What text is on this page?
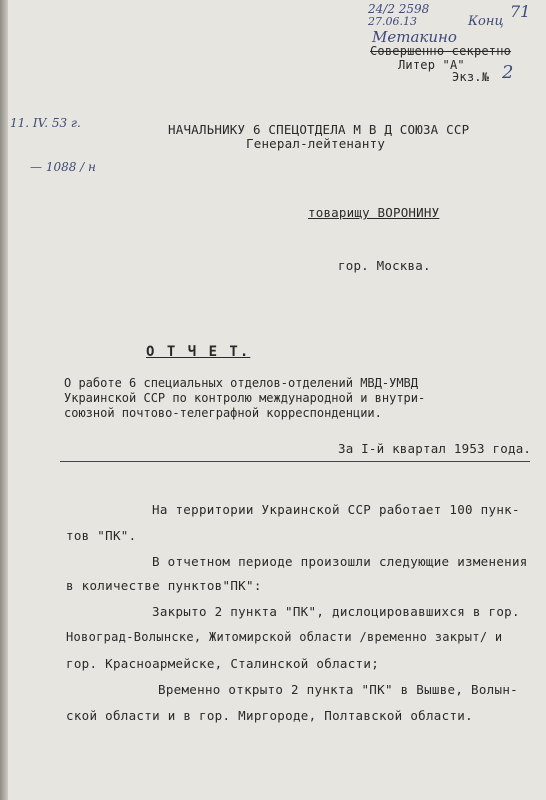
24/2 2598
27.06.13	Конц
71
Метакино
Совершенно секретно
Литер "А"
Экз.№ 2
11. IV. 53 г.
— 1088 / н
НАЧАЛЬНИКУ 6 СПЕЦОТДЕЛА М В Д СОЮЗА ССР
Генерал-лейтенанту
товарищу ВОРОНИНУ
гор. Москва.
О Т Ч Е Т.
О работе 6 специальных отделов-отделений МВД-УМВД
Украинской ССР по контролю международной и внутри-
союзной почтово-телеграфной корреспонденции.
За I-й квартал 1953 года.
На территории Украинской ССР работает 100 пунк-
тов "ПК".
В отчетном периоде произошли следующие изменения
в количестве пунктов"ПК":
Закрыто 2 пункта "ПК", дислоцировавшихся в гор.
Новоград-Волынске, Житомирской области /временно закрыт/ и
гор. Красноармейске, Сталинской области;
Временно открыто 2 пункта "ПК" в Вышве, Волын-
ской области и в гор. Миргороде, Полтавской области.
